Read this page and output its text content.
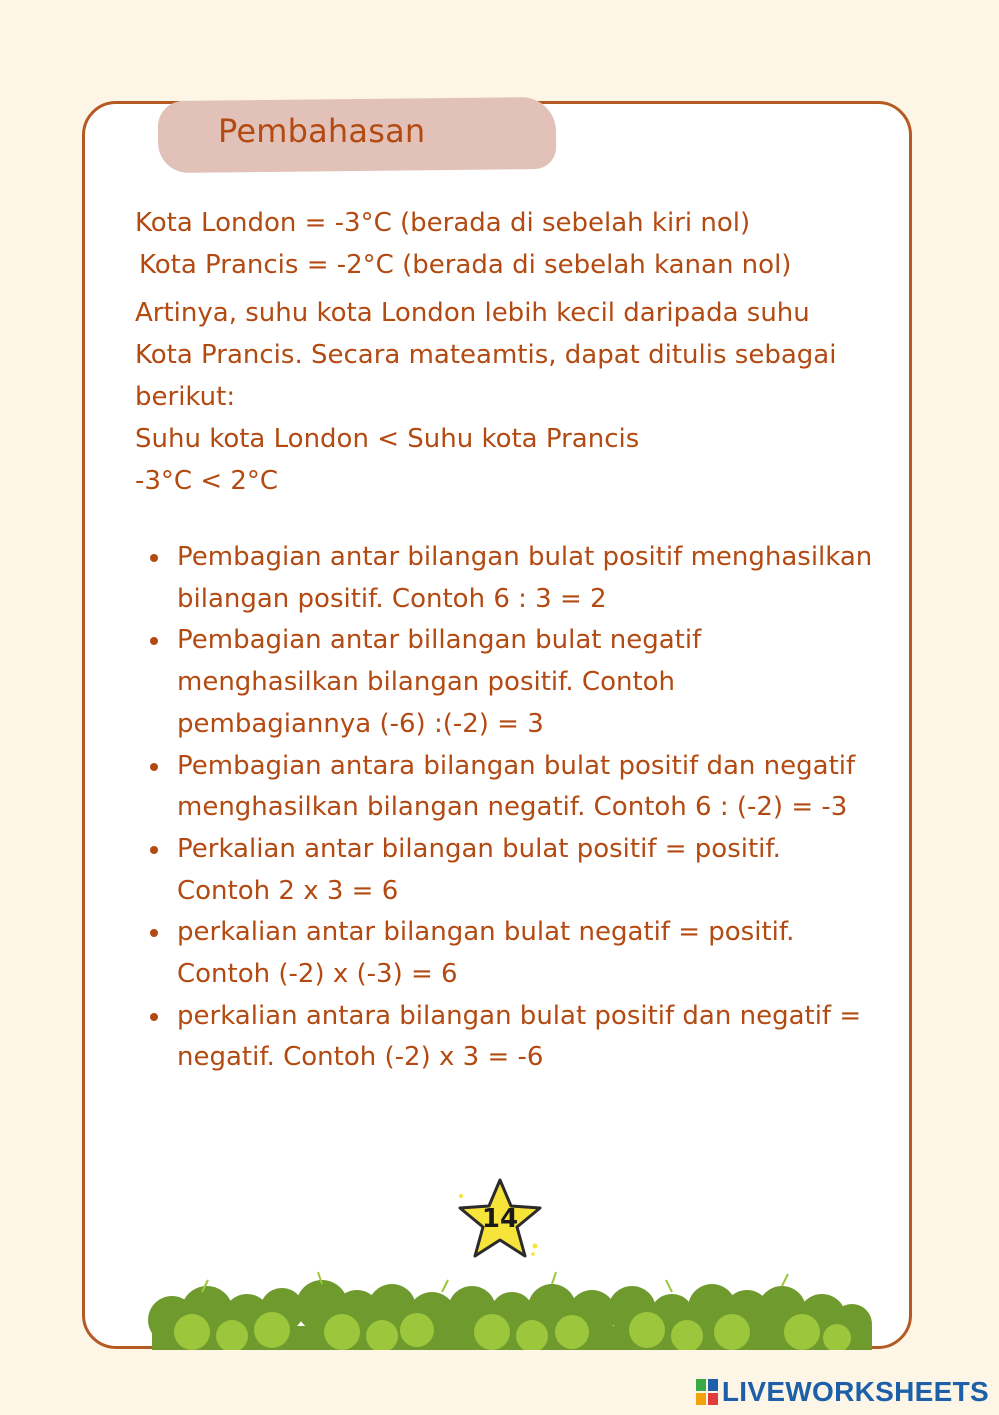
Pembahasan
Kota London = -3°C (berada di sebelah kiri nol)
Kota Prancis = -2°C (berada di sebelah kanan nol)
Artinya, suhu kota London lebih kecil daripada suhu
Kota Prancis. Secara mateamtis, dapat ditulis sebagai
berikut:
Suhu kota London < Suhu kota Prancis
-3°C < 2°C
Pembagian antar bilangan bulat positif menghasilkan
bilangan positif. Contoh 6 : 3 = 2
Pembagian antar billangan bulat negatif
menghasilkan bilangan positif. Contoh
pembagiannya (-6) :(-2) = 3
Pembagian antara bilangan bulat positif dan negatif
menghasilkan bilangan negatif. Contoh 6 : (-2) = -3
Perkalian antar bilangan bulat positif = positif.
Contoh 2 x 3 = 6
perkalian antar bilangan bulat negatif = positif.
Contoh (-2) x (-3) = 6
perkalian antara bilangan bulat positif dan negatif =
negatif. Contoh (-2) x 3 = -6
14
LIVEWORKSHEETS
